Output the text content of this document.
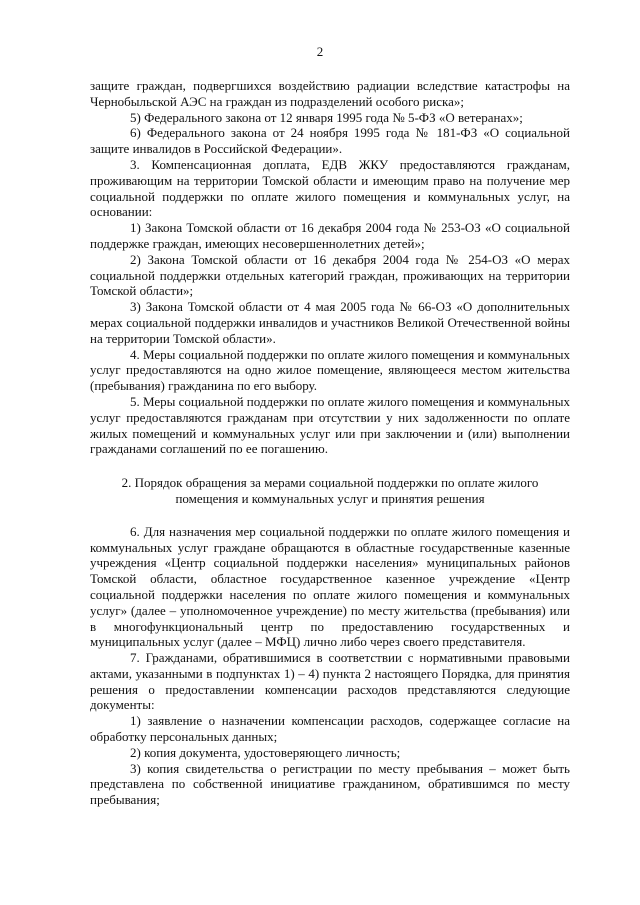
2

защите граждан, подвергшихся воздействию радиации вследствие катастрофы на Чернобыльской АЭС на граждан из подразделений особого риска»;

5) Федерального закона от 12 января 1995 года № 5-ФЗ «О ветеранах»;

6) Федерального закона от 24 ноября 1995 года № 181-ФЗ «О социальной защите инвалидов в Российской Федерации».

3. Компенсационная доплата, ЕДВ ЖКУ предоставляются гражданам, проживающим на территории Томской области и имеющим право на получение мер социальной поддержки по оплате жилого помещения и коммунальных услуг, на основании:

1) Закона Томской области от 16 декабря 2004 года № 253-ОЗ «О социальной поддержке граждан, имеющих несовершеннолетних детей»;

2) Закона Томской области от 16 декабря 2004 года № 254-ОЗ «О мерах социальной поддержки отдельных категорий граждан, проживающих на территории Томской области»;

3) Закона Томской области от 4 мая 2005 года № 66-ОЗ «О дополнительных мерах социальной поддержки инвалидов и участников Великой Отечественной войны на территории Томской области».

4. Меры социальной поддержки по оплате жилого помещения и коммунальных услуг предоставляются на одно жилое помещение, являющееся местом жительства (пребывания) гражданина по его выбору.

5. Меры социальной поддержки по оплате жилого помещения и коммунальных услуг предоставляются гражданам при отсутствии у них задолженности по оплате жилых помещений и коммунальных услуг или при заключении и (или) выполнении гражданами соглашений по ее погашению.

2. Порядок обращения за мерами социальной поддержки по оплате жилого
помещения и коммунальных услуг и принятия решения

6. Для назначения мер социальной поддержки по оплате жилого помещения и коммунальных услуг граждане обращаются в областные государственные казенные учреждения «Центр социальной поддержки населения» муниципальных районов Томской области, областное государственное казенное учреждение «Центр социальной поддержки населения по оплате жилого помещения и коммунальных услуг» (далее – уполномоченное учреждение) по месту жительства (пребывания) или в многофункциональный центр по предоставлению государственных и муниципальных услуг (далее – МФЦ) лично либо через своего представителя.

7. Гражданами, обратившимися в соответствии с нормативными правовыми актами, указанными в подпунктах 1) – 4) пункта 2 настоящего Порядка, для принятия решения о предоставлении компенсации расходов представляются следующие документы:

1) заявление о назначении компенсации расходов, содержащее согласие на обработку персональных данных;

2) копия документа, удостоверяющего личность;

3) копия свидетельства о регистрации по месту пребывания – может быть представлена по собственной инициативе гражданином, обратившимся по месту пребывания;
